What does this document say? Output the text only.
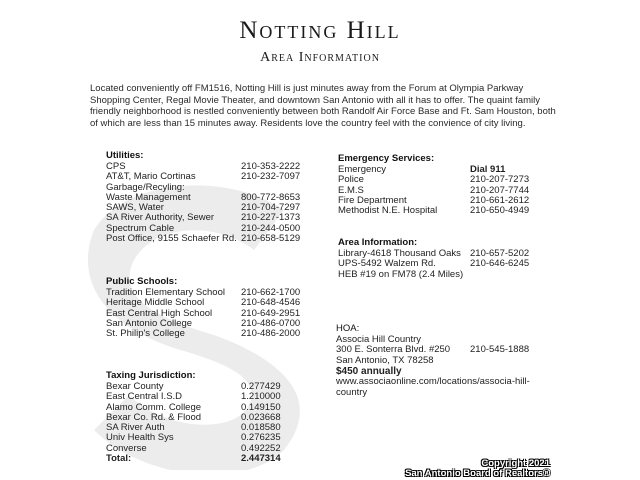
Notting Hill
Area Information
Located conveniently off FM1516, Notting Hill is just minutes away from the Forum at Olympia Parkway Shopping Center, Regal Movie Theater, and downtown San Antonio with all it has to offer. The quaint family friendly neighborhood is nestled conveniently between both Randolf Air Force Base and Ft. Sam Houston, both of which are less than 15 minutes away. Residents love the country feel with the convience of city living.
Utilities:
CPS	210-353-2222
AT&T, Mario Cortinas	210-232-7097
Garbage/Recyling:
Waste Management	800-772-8653
SAWS, Water	210-704-7297
SA River Authority, Sewer	210-227-1373
Spectrum Cable	210-244-0500
Post Office, 9155 Schaefer Rd. 210-658-5129
Public Schools:
Tradition Elementary School 210-662-1700
Heritage Middle School	210-648-4546
East Central High School	210-649-2951
San Antonio College	210-486-0700
St. Philip's College	210-486-2000
Taxing Jurisdiction:
Bexar County	0.277429
East Central I.S.D	1.210000
Alamo Comm. College	0.149150
Bexar Co. Rd. & Flood	0.023668
SA River Auth	0.018580
Univ Health Sys	0.276235
Converse	0.492252
Total:	2.447314
Emergency Services:
Emergency	Dial 911
Police	210-207-7273
E.M.S	210-207-7744
Fire Department	210-661-2612
Methodist N.E. Hospital	210-650-4949
Area Information:
Library-4618 Thousand Oaks 210-657-5202
UPS-5492 Walzem Rd.	210-646-6245
HEB #19 on FM78 (2.4 Miles)
HOA:
Associa Hill Country
300 E. Sonterra Blvd. #250 210-545-1888
San Antonio, TX 78258
$450 annually
www.associaonline.com/locations/associa-hill-
country
Copyright 2021
San Antonio Board of Realtors®
